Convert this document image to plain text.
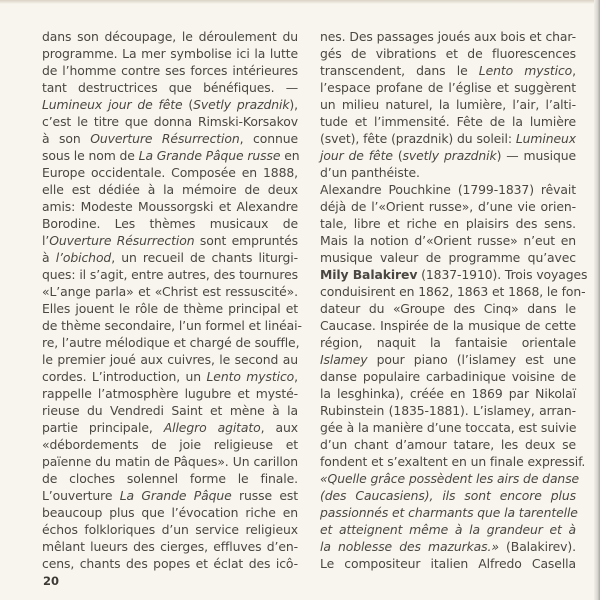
dans son découpage, le déroulement du
programme. La mer symbolise ici la lutte
de l’homme contre ses forces intérieures
tant destructrices que bénéfiques. —
Lumineux jour de fête (Svetly prazdnik),
c’est le titre que donna Rimski-Korsakov
à son Ouverture Résurrection, connue
sous le nom de La Grande Pâque russe en
Europe occidentale. Composée en 1888,
elle est dédiée à la mémoire de deux
amis: Modeste Moussorgski et Alexandre
Borodine. Les thèmes musicaux de
l’Ouverture Résurrection sont empruntés
à l’obichod, un recueil de chants liturgi-
ques: il s’agit, entre autres, des tournures
«L’ange parla» et «Christ est ressuscité».
Elles jouent le rôle de thème principal et
de thème secondaire, l’un formel et linéai-
re, l’autre mélodique et chargé de souffle,
le premier joué aux cuivres, le second au
cordes. L’introduction, un Lento mystico,
rappelle l’atmosphère lugubre et mysté-
rieuse du Vendredi Saint et mène à la
partie principale, Allegro agitato, aux
«débordements de joie religieuse et
païenne du matin de Pâques». Un carillon
de cloches solennel forme le finale.
L’ouverture La Grande Pâque russe est
beaucoup plus que l’évocation riche en
échos folkloriques d’un service religieux
mêlant lueurs des cierges, effluves d’en-
cens, chants des popes et éclat des icô-
nes. Des passages joués aux bois et char-
gés de vibrations et de fluorescences
transcendent, dans le Lento mystico,
l’espace profane de l’église et suggèrent
un milieu naturel, la lumière, l’air, l’alti-
tude et l’immensité. Fête de la lumière
(svet), fête (prazdnik) du soleil: Lumineux
jour de fête (svetly prazdnik) — musique
d’un panthéiste.
Alexandre Pouchkine (1799-1837) rêvait
déjà de l’«Orient russe», d’une vie orien-
tale, libre et riche en plaisirs des sens.
Mais la notion d’«Orient russe» n’eut en
musique valeur de programme qu’avec
Mily Balakirev (1837-1910). Trois voyages
conduisirent en 1862, 1863 et 1868, le fon-
dateur du «Groupe des Cinq» dans le
Caucase. Inspirée de la musique de cette
région, naquit la fantaisie orientale
Islamey pour piano (l’islamey est une
danse populaire carbadinique voisine de
la lesghinka), créée en 1869 par Nikolaï
Rubinstein (1835-1881). L’islamey, arran-
gée à la manière d’une toccata, est suivie
d’un chant d’amour tatare, les deux se
fondent et s’exaltent en un finale expressif.
«Quelle grâce possèdent les airs de danse
(des Caucasiens), ils sont encore plus
passionnés et charmants que la tarentelle
et atteignent même à la grandeur et à
la noblesse des mazurkas.» (Balakirev).
Le compositeur italien Alfredo Casella
20
